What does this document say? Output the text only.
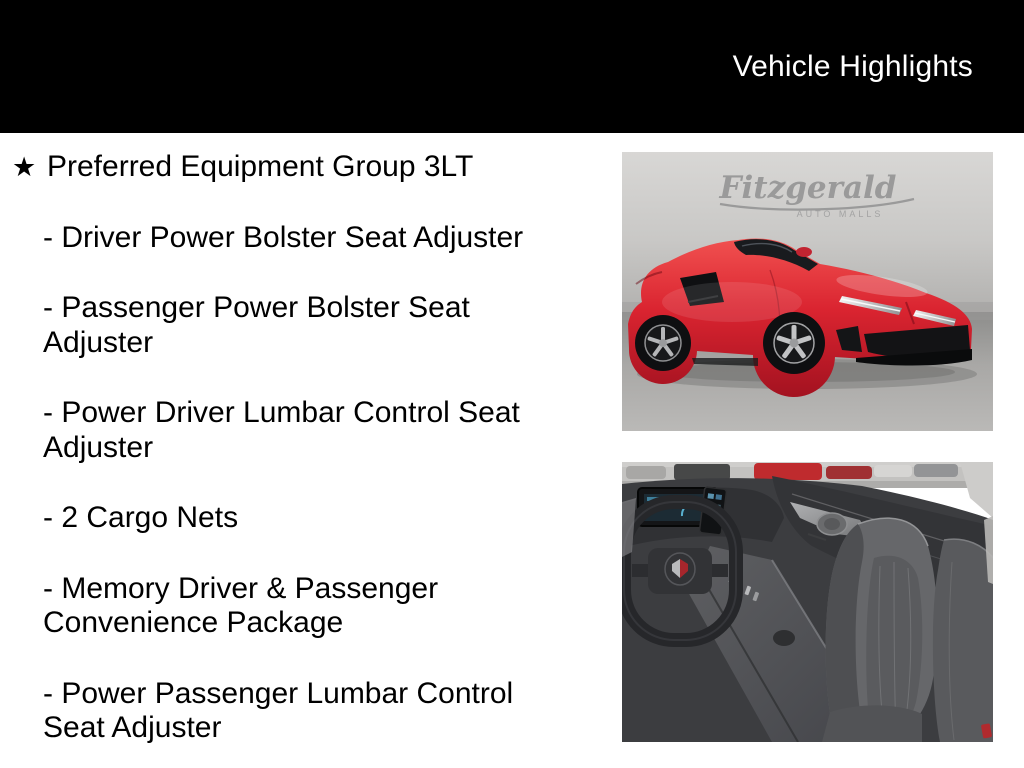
Vehicle Highlights

★ Preferred Equipment Group 3LT

- Driver Power Bolster Seat Adjuster

- Passenger Power Bolster Seat Adjuster

- Power Driver Lumbar Control Seat Adjuster

- 2 Cargo Nets

- Memory Driver & Passenger Convenience Package

- Power Passenger Lumbar Control Seat Adjuster

Fitzgerald
AUTO MALLS
